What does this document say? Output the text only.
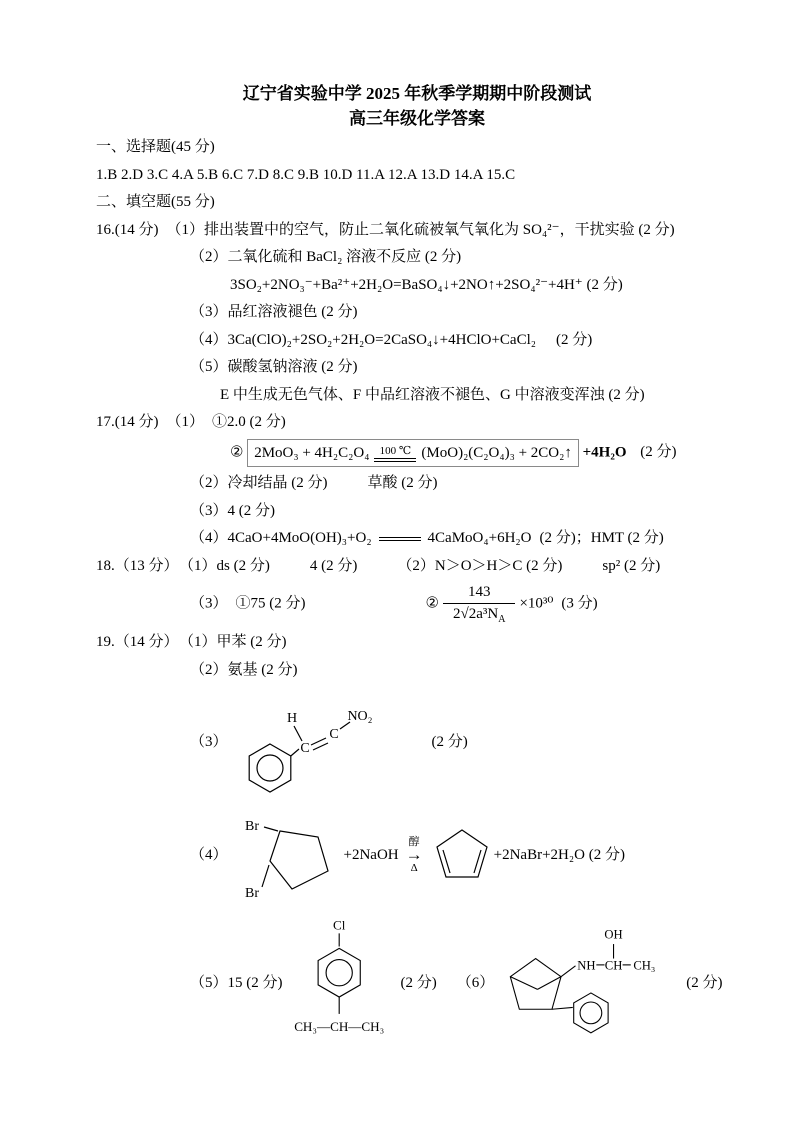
辽宁省实验中学 2025 年秋季学期期中阶段测试
高三年级化学答案
一、选择题(45 分)
1.B 2.D 3.C 4.A 5.B 6.C 7.D 8.C 9.B 10.D 11.A 12.A 13.D 14.A 15.C
二、填空题(55 分)
16.(14 分) （1）排出装置中的空气，防止二氧化硫被氧气氧化为 SO₄²⁻，干扰实验 (2 分)
（2）二氧化硫和 BaCl₂ 溶液不反应 (2 分)
3SO₂+2NO₃⁻+Ba²⁺+2H₂O=BaSO₄↓+2NO↑+2SO₄²⁻+4H⁺ (2 分)
（3）品红溶液褪色 (2 分)
（4）3Ca(ClO)₂+2SO₂+2H₂O=2CaSO₄↓+4HClO+CaCl₂ (2 分)
（5）碳酸氢钠溶液 (2 分)
E 中生成无色气体、F 中品红溶液不褪色、G 中溶液变浑浊 (2 分)
17.(14 分) （1） ①2.0 (2 分)
② 2MoO₃ + 4H₂C₂O₄ 100 ℃ (MoO)₂(C₂O₄)₃ + 2CO₂↑ +4H₂O (2 分)
（2）冷却结晶 (2 分)	草酸 (2 分)
（3）4 (2 分)
（4）4CaO+4MoO(OH)₃+O₂	4CaMoO₄+6H₂O (2 分)；HMT (2 分)
18.（13 分） （1）ds (2 分)	4 (2 分)	（2）N＞O＞H＞C (2 分)	sp² (2 分)
（3） ①75 (2 分)	② $\frac{143}{2√2a^3N_A} \times 10^{30}$ (3 分)
19.（14 分） （1）甲苯 (2 分)
（2）氨基 (2 分)
（3）	C
C
H	NO₂
(2 分)
（4）
Br
Br
+2NaOH
醇
→
Δ
+2NaBr+2H₂O (2 分)
（5） 15 (2 分)
Cl
CH₃—CH—CH₃
(2 分) （6）
NH CH
OH
CH₃
(2 分)
